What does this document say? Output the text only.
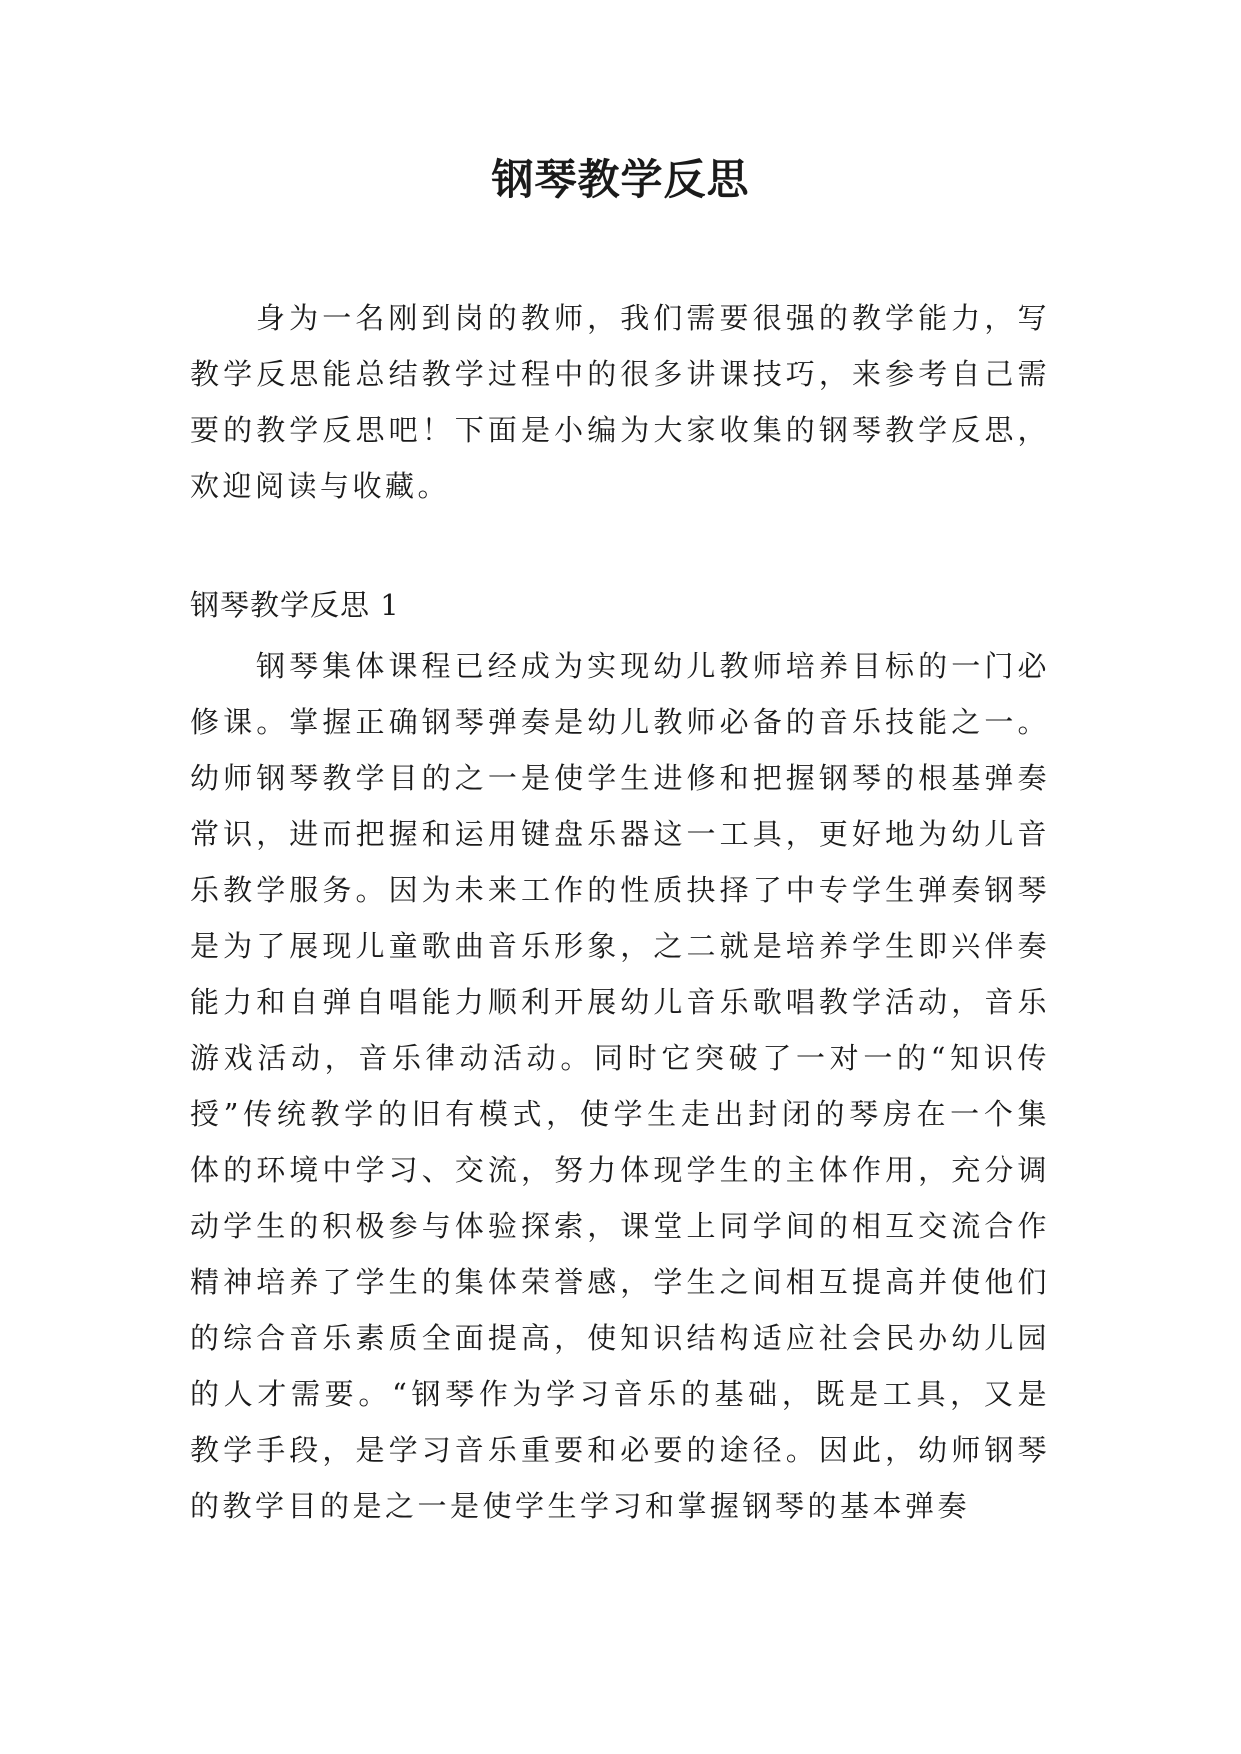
钢琴教学反思

身为一名刚到岗的教师，我们需要很强的教学能力，写教学反思能总结教学过程中的很多讲课技巧，来参考自己需要的教学反思吧！下面是小编为大家收集的钢琴教学反思，欢迎阅读与收藏。

钢琴教学反思 1

钢琴集体课程已经成为实现幼儿教师培养目标的一门必修课。掌握正确钢琴弹奏是幼儿教师必备的音乐技能之一。幼师钢琴教学目的之一是使学生进修和把握钢琴的根基弹奏常识，进而把握和运用键盘乐器这一工具，更好地为幼儿音乐教学服务。因为未来工作的性质抉择了中专学生弹奏钢琴是为了展现儿童歌曲音乐形象，之二就是培养学生即兴伴奏能力和自弹自唱能力顺利开展幼儿音乐歌唱教学活动，音乐游戏活动，音乐律动活动。同时它突破了一对一的“知识传授”传统教学的旧有模式，使学生走出封闭的琴房在一个集体的环境中学习、交流，努力体现学生的主体作用，充分调动学生的积极参与体验探索，课堂上同学间的相互交流合作精神培养了学生的集体荣誉感，学生之间相互提高并使他们的综合音乐素质全面提高，使知识结构适应社会民办幼儿园的人才需要。“钢琴作为学习音乐的基础，既是工具，又是教学手段，是学习音乐重要和必要的途径。因此，幼师钢琴的教学目的是之一是使学生学习和掌握钢琴的基本弹奏
